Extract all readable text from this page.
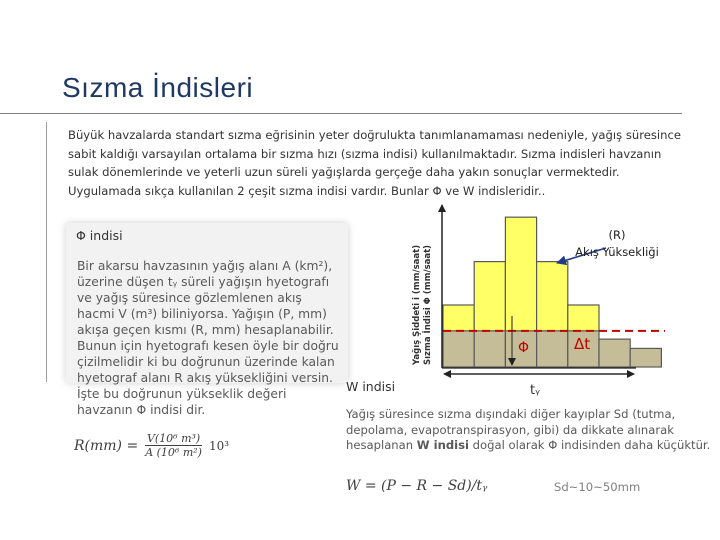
Sızma İndisleri
Büyük havzalarda standart sızma eğrisinin yeter doğrulukta tanımlanamaması nedeniyle, yağış süresince sabit kaldığı varsayılan ortalama bir sızma hızı (sızma indisi) kullanılmaktadır. Sızma indisleri havzanın sulak dönemlerinde ve yeterli uzun süreli yağışlarda gerçeğe daha yakın sonuçlar vermektedir. Uygulamada sıkça kullanılan 2 çeşit sızma indisi vardır. Bunlar Φ ve W indisleridir..
Φ indisi
Bir akarsu havzasının yağış alanı A (km²), üzerine düşen tᵧ süreli yağışın hyetografı ve yağış süresince gözlemlenen akış hacmi V (m³) biliniyorsa. Yağışın (P, mm) akışa geçen kısmı (R, mm) hesaplanabilir. Bunun için hyetografı kesen öyle bir doğru çizilmelidir ki bu doğrunun üzerinde kalan hyetograf alanı R akış yüksekliğini versin. İşte bu doğrunun yükseklik değeri havzanın Φ indisi dir.
$R(mm) = \frac{\text{V(10⁶ m³)}}{\text{A (10⁶ m²)}} 10^3$
W indisi
Yağış süresince sızma dışındaki diğer kayıplar Sd (tutma, depolama, evapotranspirasyon, gibi) da dikkate alınarak hesaplanan W indisi doğal olarak Φ indisinden daha küçüktür.
W = (P − R − Sd)/tᵧ	Sd~10~50mm
Yağış Şiddeti i (mm/saat) Sızma İndisi Φ (mm/saat)
(R)
Akış Yüksekliği
Φ	Δt
tᵧ
